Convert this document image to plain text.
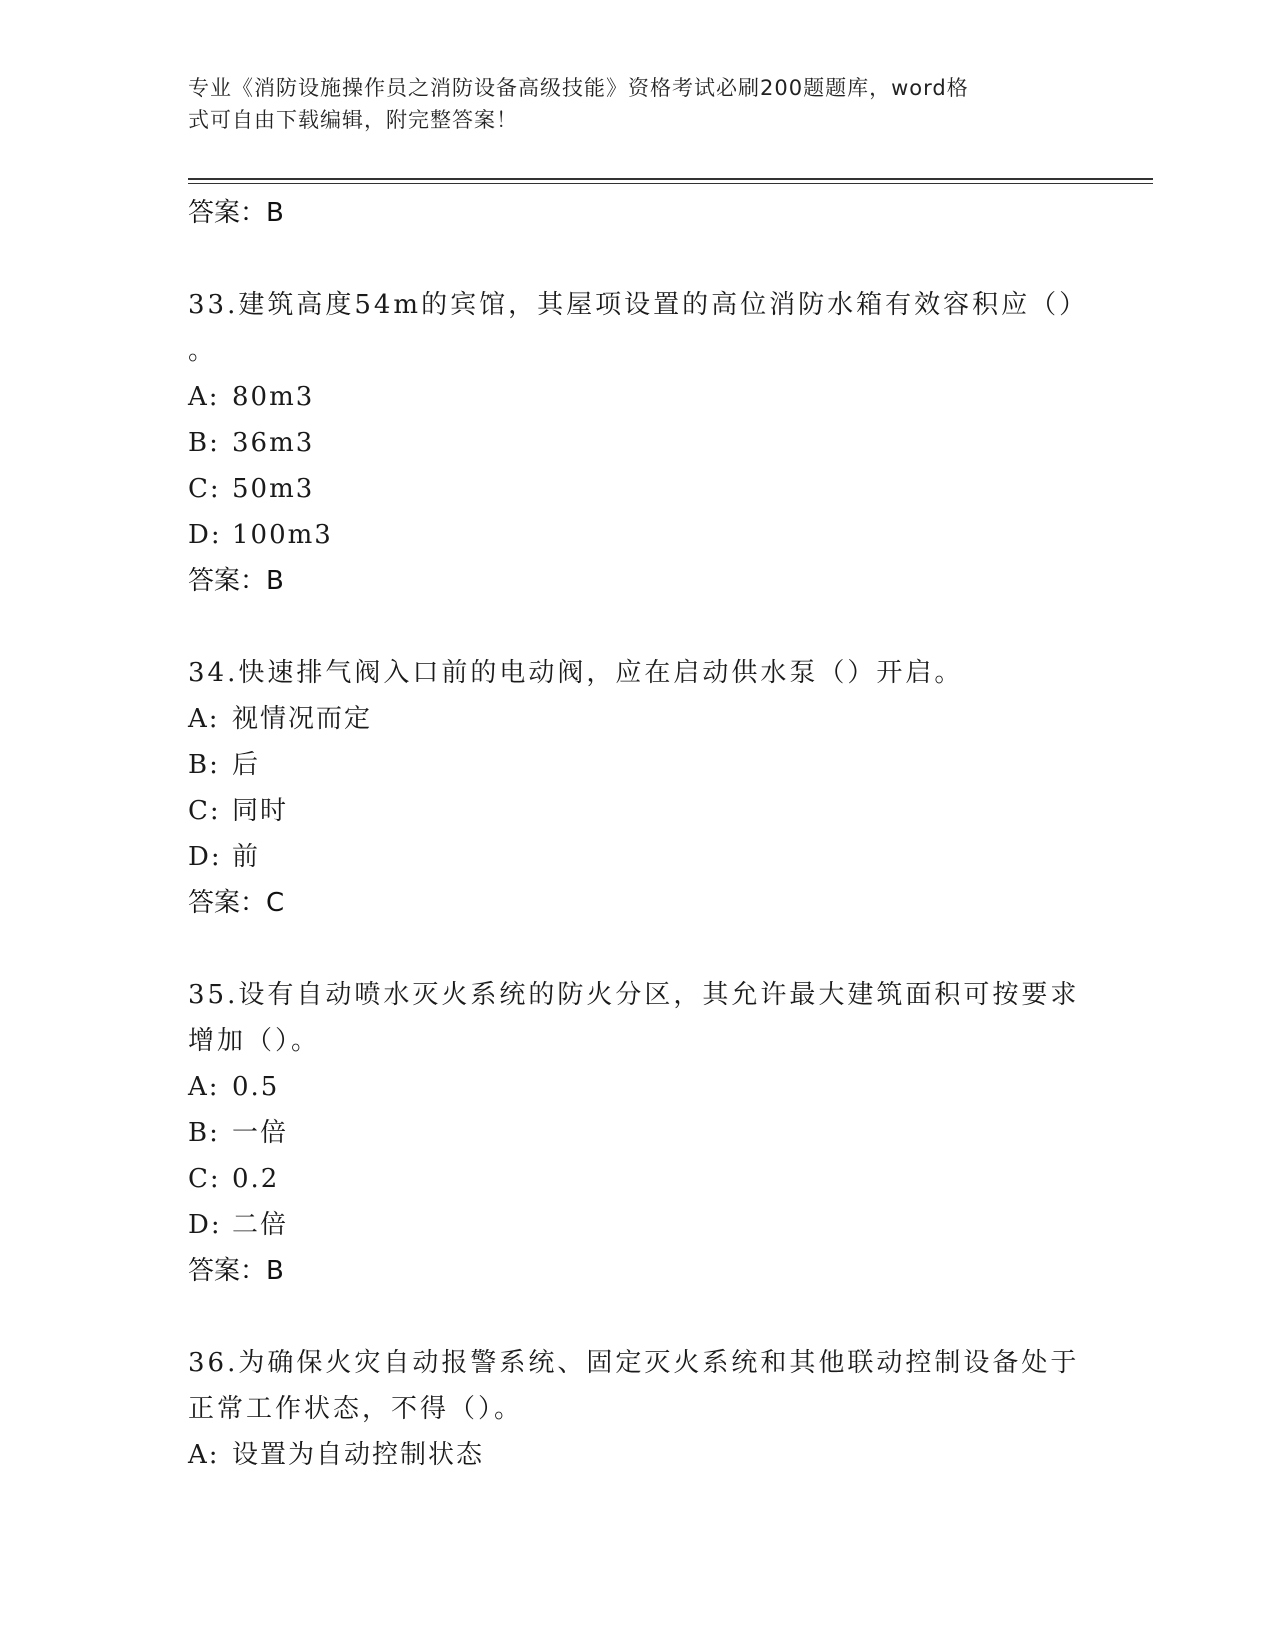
专业《消防设施操作员之消防设备高级技能》资格考试必刷200题题库，word格
式可自由下载编辑，附完整答案！
答案：B
33.建筑高度54m的宾馆，其屋项设置的高位消防水箱有效容积应（）
。
A: 80m3
B: 36m3
C: 50m3
D: 100m3
答案：B
34.快速排气阀入口前的电动阀，应在启动供水泵（）开启。
A: 视情况而定
B: 后
C: 同时
D: 前
答案：C
35.设有自动喷水灭火系统的防火分区，其允许最大建筑面积可按要求
增加（）。
A: 0.5
B: 一倍
C: 0.2
D: 二倍
答案：B
36.为确保火灾自动报警系统、固定灭火系统和其他联动控制设备处于
正常工作状态，不得（）。
A: 设置为自动控制状态
